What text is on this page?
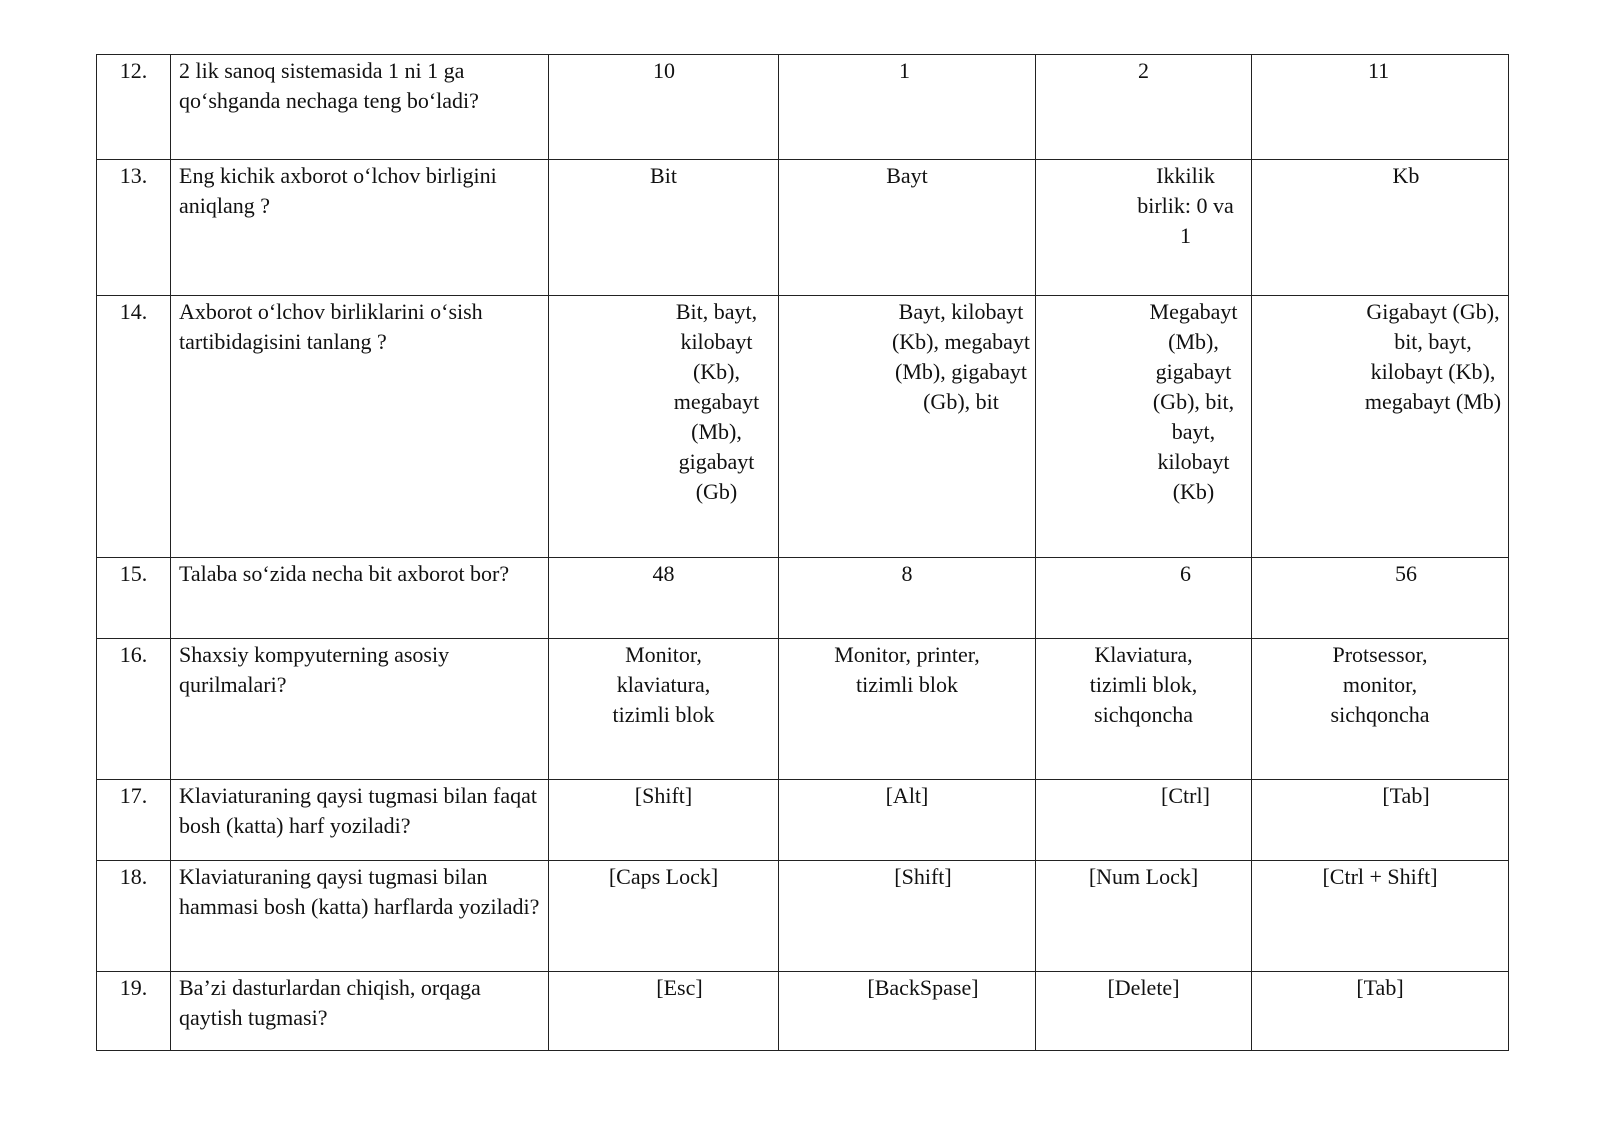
12.	2 lik sanoq sistemasida 1 ni 1 ga qo‘shganda nechaga teng bo‘ladi?	10	1	2	11
13.	Eng kichik axborot o‘lchov birligini aniqlang ?	Bit	Bayt	Ikkilik birlik: 0 va 1	Kb
14.	Axborot o‘lchov birliklarini o‘sish tartibidagisini tanlang ?	Bit, bayt, kilobayt (Kb), megabayt (Mb), gigabayt (Gb)	Bayt, kilobayt (Kb), megabayt (Mb), gigabayt (Gb), bit	Megabayt (Mb), gigabayt (Gb), bit, bayt, kilobayt (Kb)	Gigabayt (Gb), bit, bayt, kilobayt (Kb), megabayt (Mb)
15.	Talaba so‘zida necha bit axborot bor?	48	8	6	56
16.	Shaxsiy kompyuterning asosiy qurilmalari?	Monitor, klaviatura, tizimli blok	Monitor, printer, tizimli blok	Klaviatura, tizimli blok, sichqoncha	Protsessor, monitor, sichqoncha
17.	Klaviaturaning qaysi tugmasi bilan faqat bosh (katta) harf yoziladi?	[Shift]	[Alt]	[Ctrl]	[Tab]
18.	Klaviaturaning qaysi tugmasi bilan hammasi bosh (katta) harflarda yoziladi?	[Caps Lock]	[Shift]	[Num Lock]	[Ctrl + Shift]
19.	Ba’zi dasturlardan chiqish, orqaga qaytish tugmasi?	[Esc]	[BackSpase]	[Delete]	[Tab]
